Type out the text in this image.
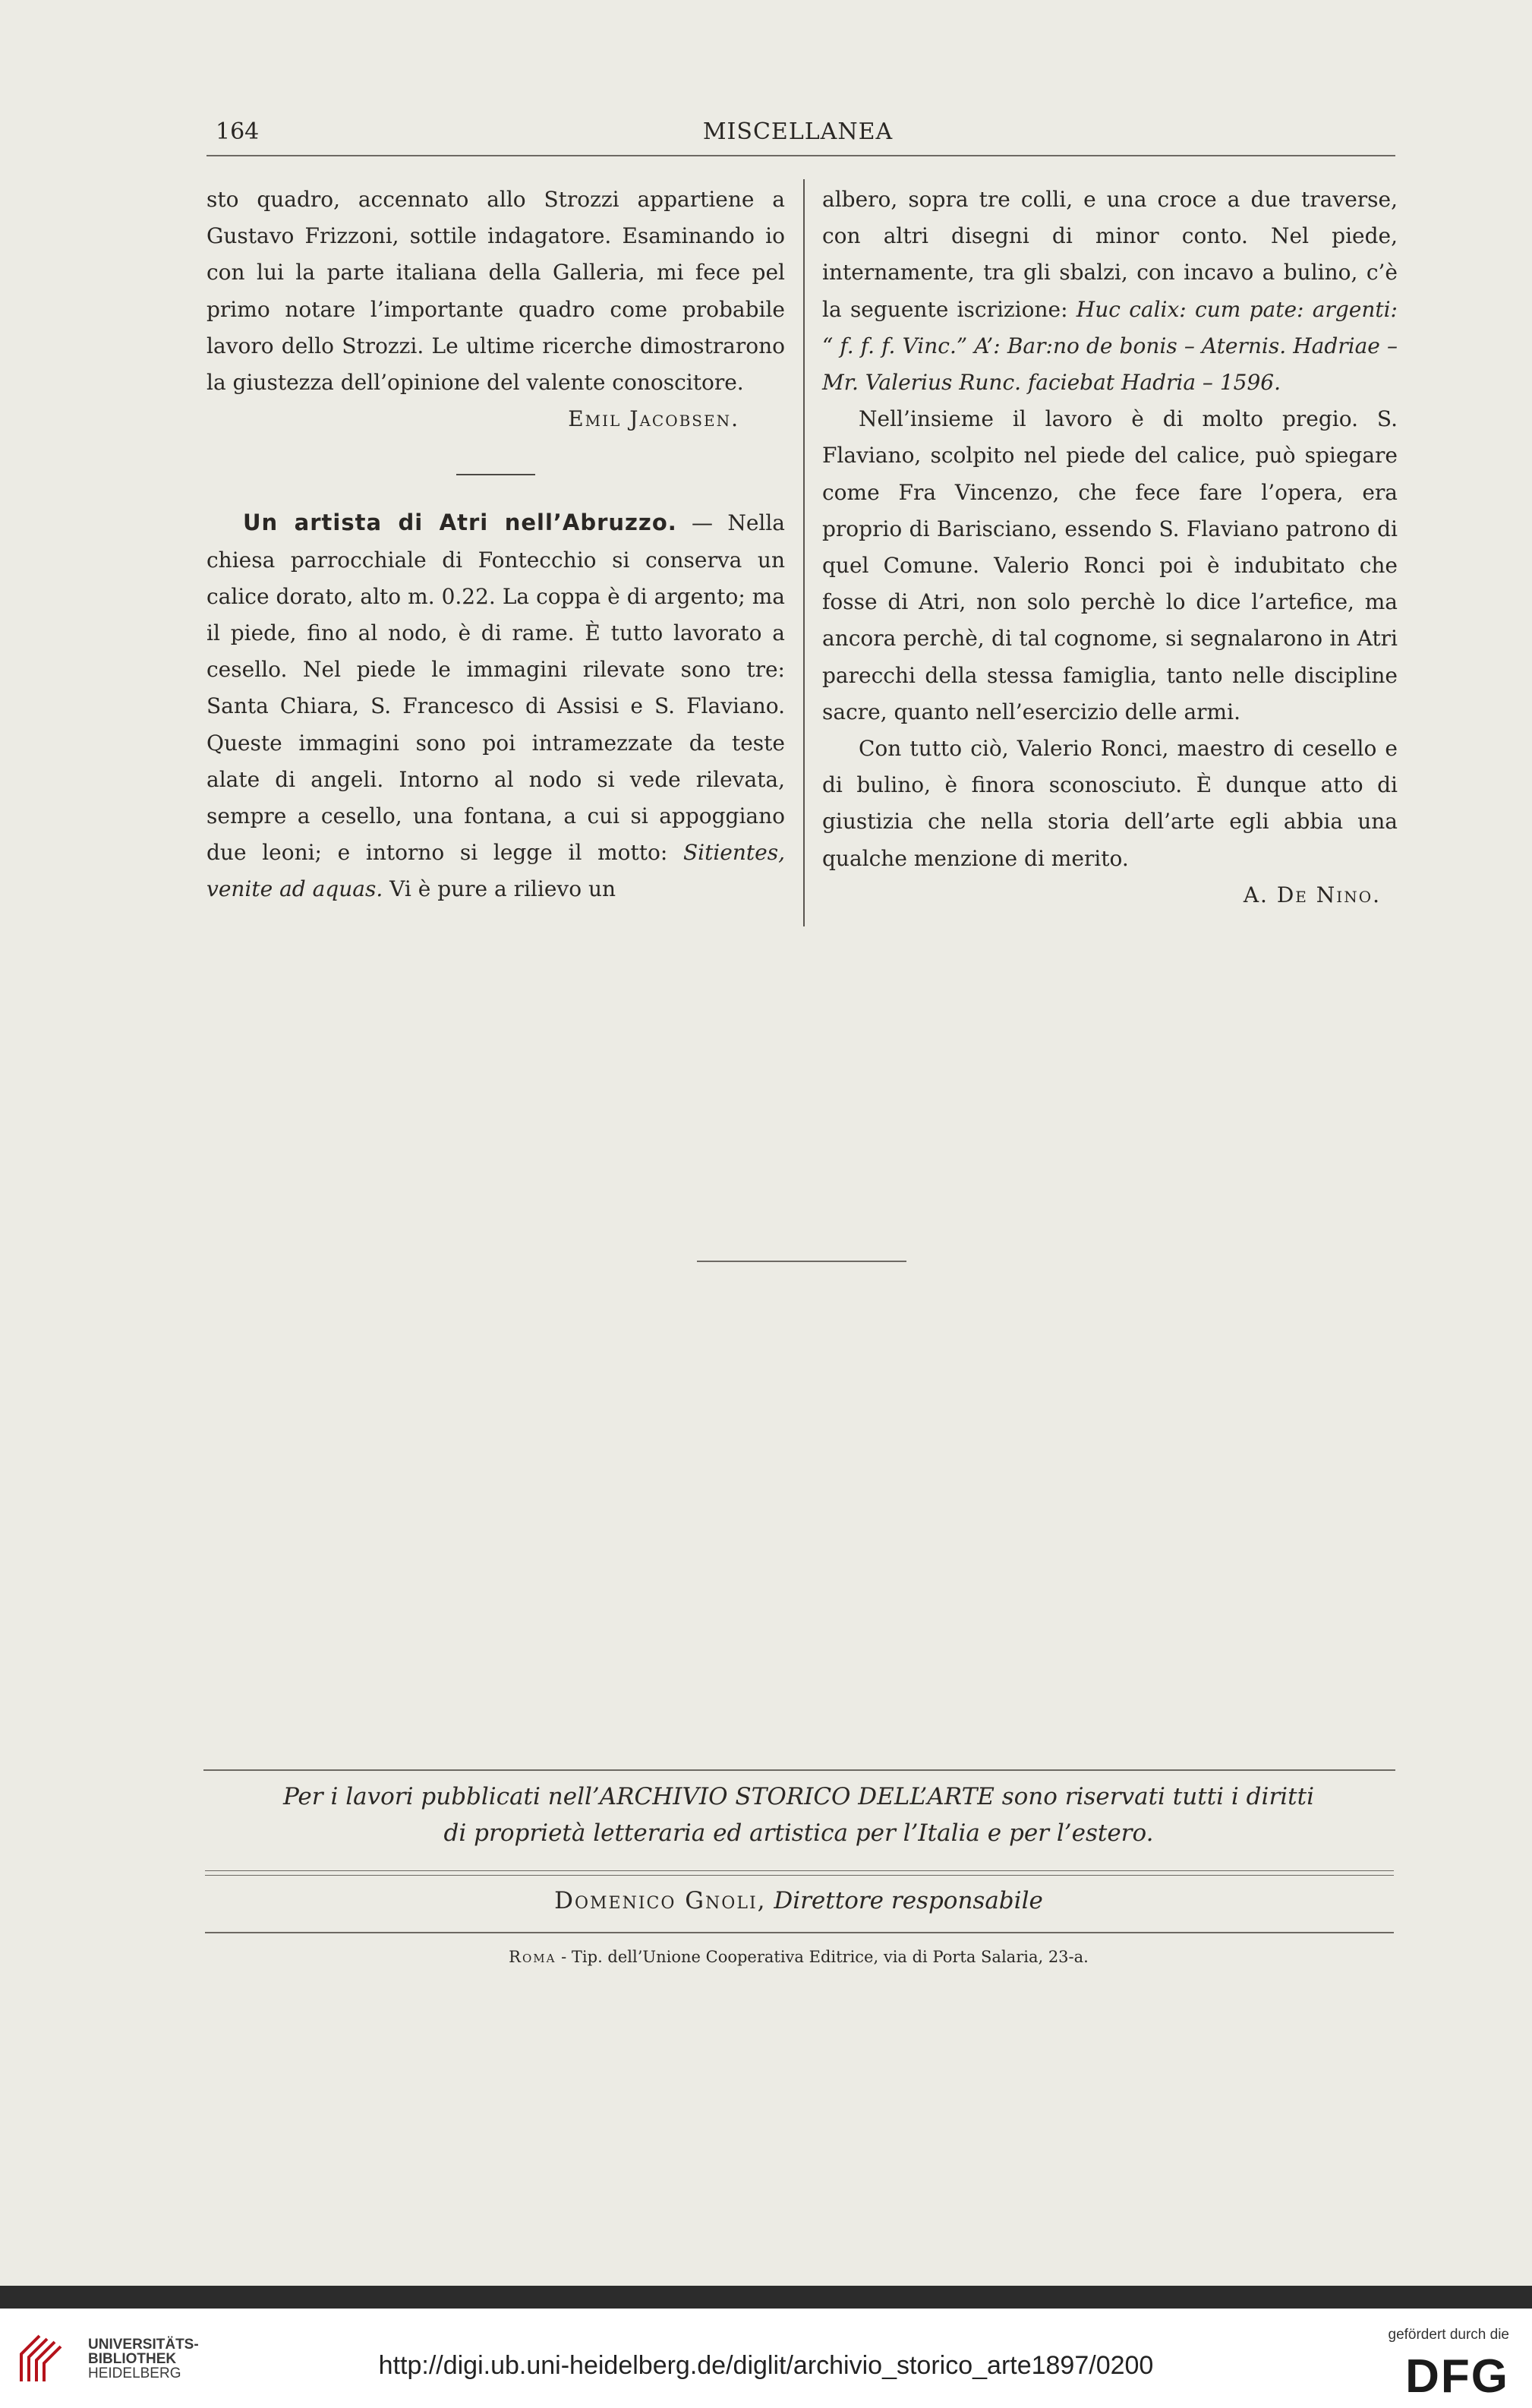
164	MISCELLANEA

sto quadro, accennato allo Strozzi appartiene a Gustavo Frizzoni, sottile indagatore. Esaminando io con lui la parte italiana della Galleria, mi fece pel primo notare l’importante quadro come probabile lavoro dello Strozzi. Le ultime ricerche dimostrarono la giustezza dell’opinione del valente conoscitore.

Emil Jacobsen.

Un artista di Atri nell’Abruzzo. — Nella chiesa parrocchiale di Fontecchio si conserva un calice dorato, alto m. 0.22. La coppa è di argento; ma il piede, fino al nodo, è di rame. È tutto lavorato a cesello. Nel piede le immagini rilevate sono tre: Santa Chiara, S. Francesco di Assisi e S. Flaviano. Queste immagini sono poi intramezzate da teste alate di angeli. Intorno al nodo si vede rilevata, sempre a cesello, una fontana, a cui si appoggiano due leoni; e intorno si legge il motto: Sitientes, venite ad aquas. Vi è pure a rilievo un

albero, sopra tre colli, e una croce a due traverse, con altri disegni di minor conto. Nel piede, internamente, tra gli sbalzi, con incavo a bulino, c’è la seguente iscrizione: Huc calix: cum pate: argenti: “ f. f. f. Vinc.” A’: Bar:no de bonis – Aternis. Hadriae – Mr. Valerius Runc. faciebat Hadria – 1596.

Nell’insieme il lavoro è di molto pregio. S. Flaviano, scolpito nel piede del calice, può spiegare come Fra Vincenzo, che fece fare l’opera, era proprio di Barisciano, essendo S. Flaviano patrono di quel Comune. Valerio Ronci poi è indubitato che fosse di Atri, non solo perchè lo dice l’artefice, ma ancora perchè, di tal cognome, si segnalarono in Atri parecchi della stessa famiglia, tanto nelle discipline sacre, quanto nell’esercizio delle armi.

Con tutto ciò, Valerio Ronci, maestro di cesello e di bulino, è finora sconosciuto. È dunque atto di giustizia che nella storia dell’arte egli abbia una qualche menzione di merito.

A. De Nino.

Per i lavori pubblicati nell’ARCHIVIO STORICO DELL’ARTE sono riservati tutti i diritti

di proprietà letteraria ed artistica per l’Italia e per l’estero.

Domenico Gnoli, Direttore responsabile
Roma - Tip. dell’Unione Cooperativa Editrice, via di Porta Salaria, 23-a.
UNIVERSITÄTS-
BIBLIOTHEK
HEIDELBERG	http://digi.ub.uni-heidelberg.de/diglit/archivio_storico_arte1897/0200
gefördert durch die
DFG
